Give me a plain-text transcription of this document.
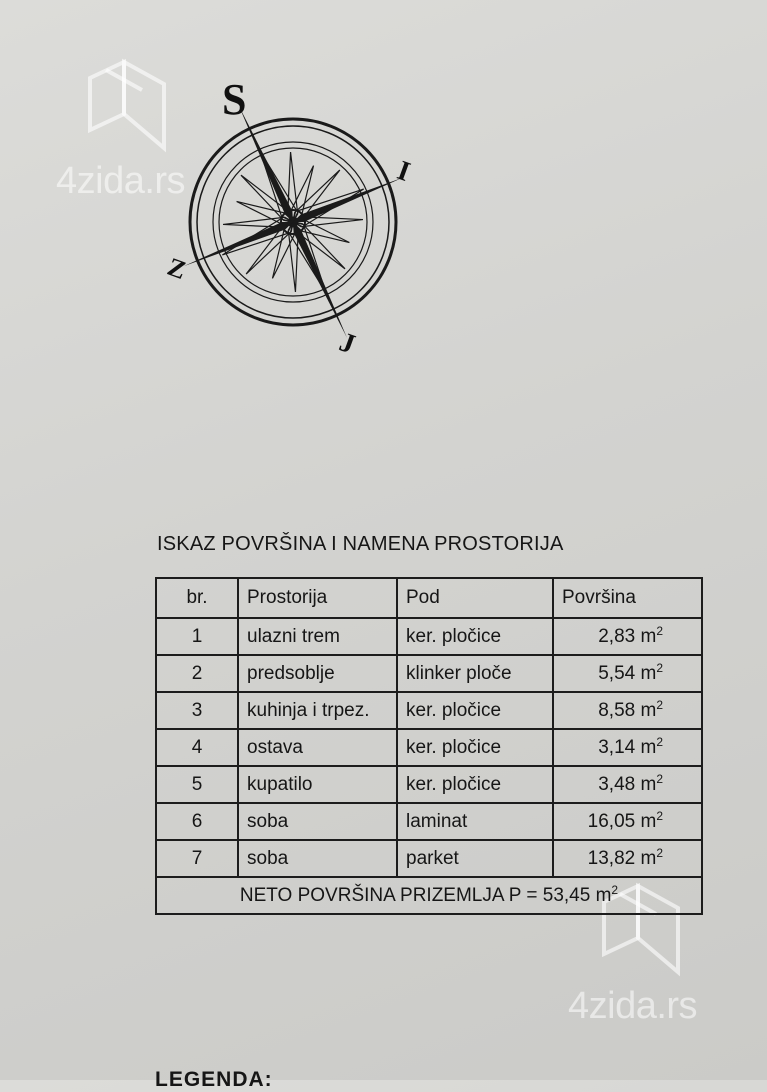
S
I
Z
J
4zida.rs
4zida.rs
ISKAZ POVRŠINA I NAMENA PROSTORIJA
br.	Prostorija	Pod	Površina
1	ulazni trem	ker. pločice	2,83 $m^2$
2	predsoblje	klinker ploče	5,54 $m^2$
3	kuhinja i trpez.	ker. pločice	8,58 $m^2$
4	ostava	ker. pločice	3,14 $m^2$
5	kupatilo	ker. pločice	3,48 $m^2$
6	soba	laminat	16,05 $m^2$
7	soba	parket	13,82 $m^2$
NETO POVRŠINA PRIZEMLJA P = 53,45 $m^2$
LEGENDA:
